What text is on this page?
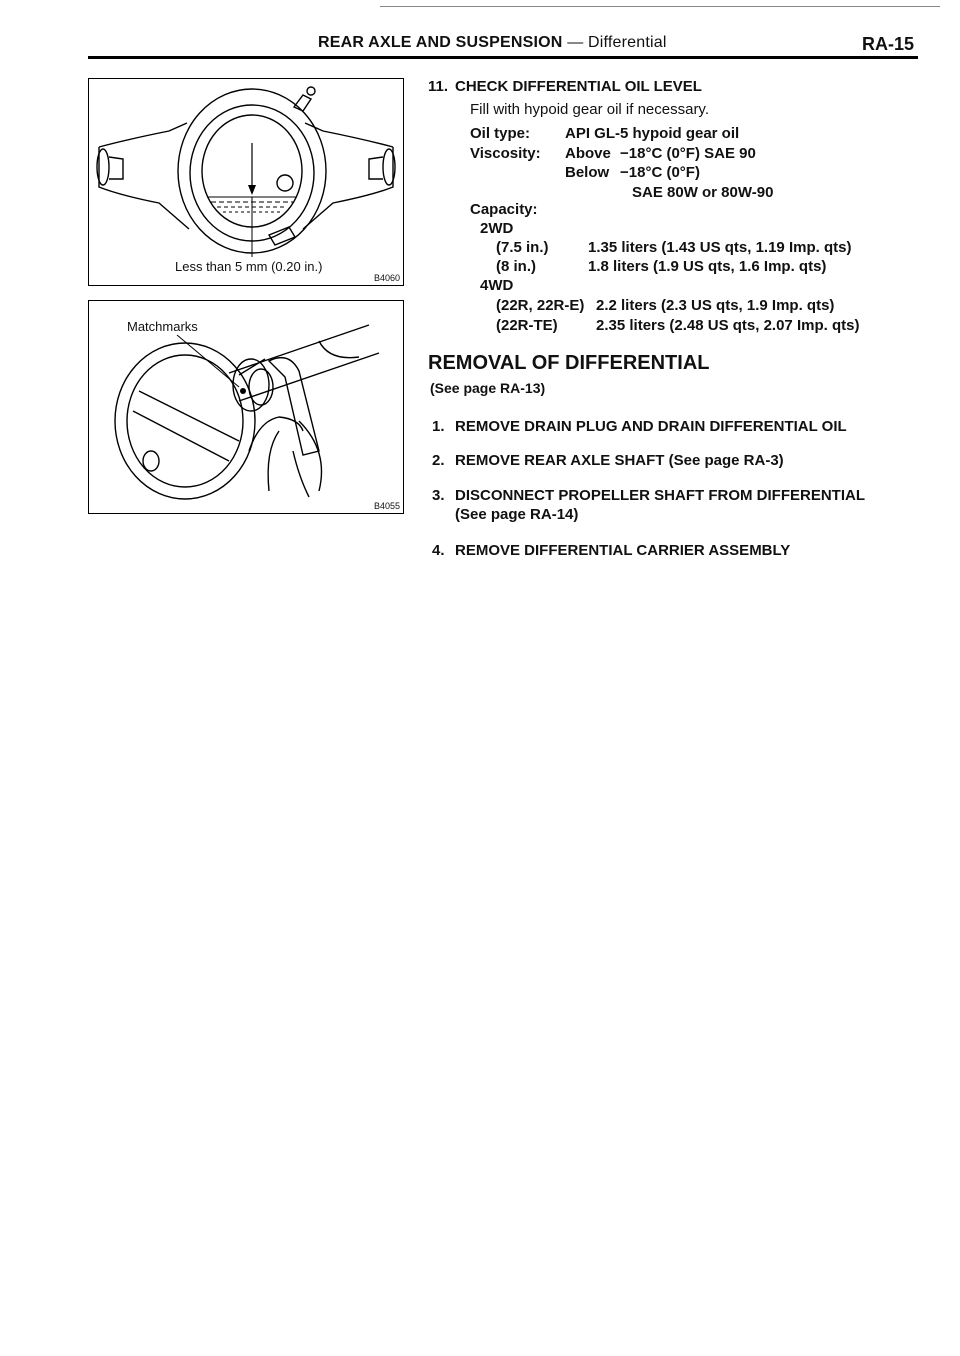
REAR AXLE AND SUSPENSION — Differential	RA-15
Less than 5 mm (0.20 in.)
B4060
Matchmarks
B4055
11. CHECK DIFFERENTIAL OIL LEVEL
Fill with hypoid gear oil if necessary.
Oil type: API GL-5 hypoid gear oil
Viscosity: Above −18°C (0°F) SAE 90
Below −18°C (0°F)
SAE 80W or 80W-90
Capacity:
2WD
(7.5 in.)	1.35 liters (1.43 US qts, 1.19 Imp. qts)
(8 in.)	1.8 liters (1.9 US qts, 1.6 Imp. qts)
4WD
(22R, 22R-E) 2.2 liters (2.3 US qts, 1.9 Imp. qts)
(22R-TE)	2.35 liters (2.48 US qts, 2.07 Imp. qts)
REMOVAL OF DIFFERENTIAL
(See page RA-13)
1. REMOVE DRAIN PLUG AND DRAIN DIFFERENTIAL OIL
2. REMOVE REAR AXLE SHAFT (See page RA-3)
3. DISCONNECT PROPELLER SHAFT FROM DIFFERENTIAL
(See page RA-14)
4. REMOVE DIFFERENTIAL CARRIER ASSEMBLY
